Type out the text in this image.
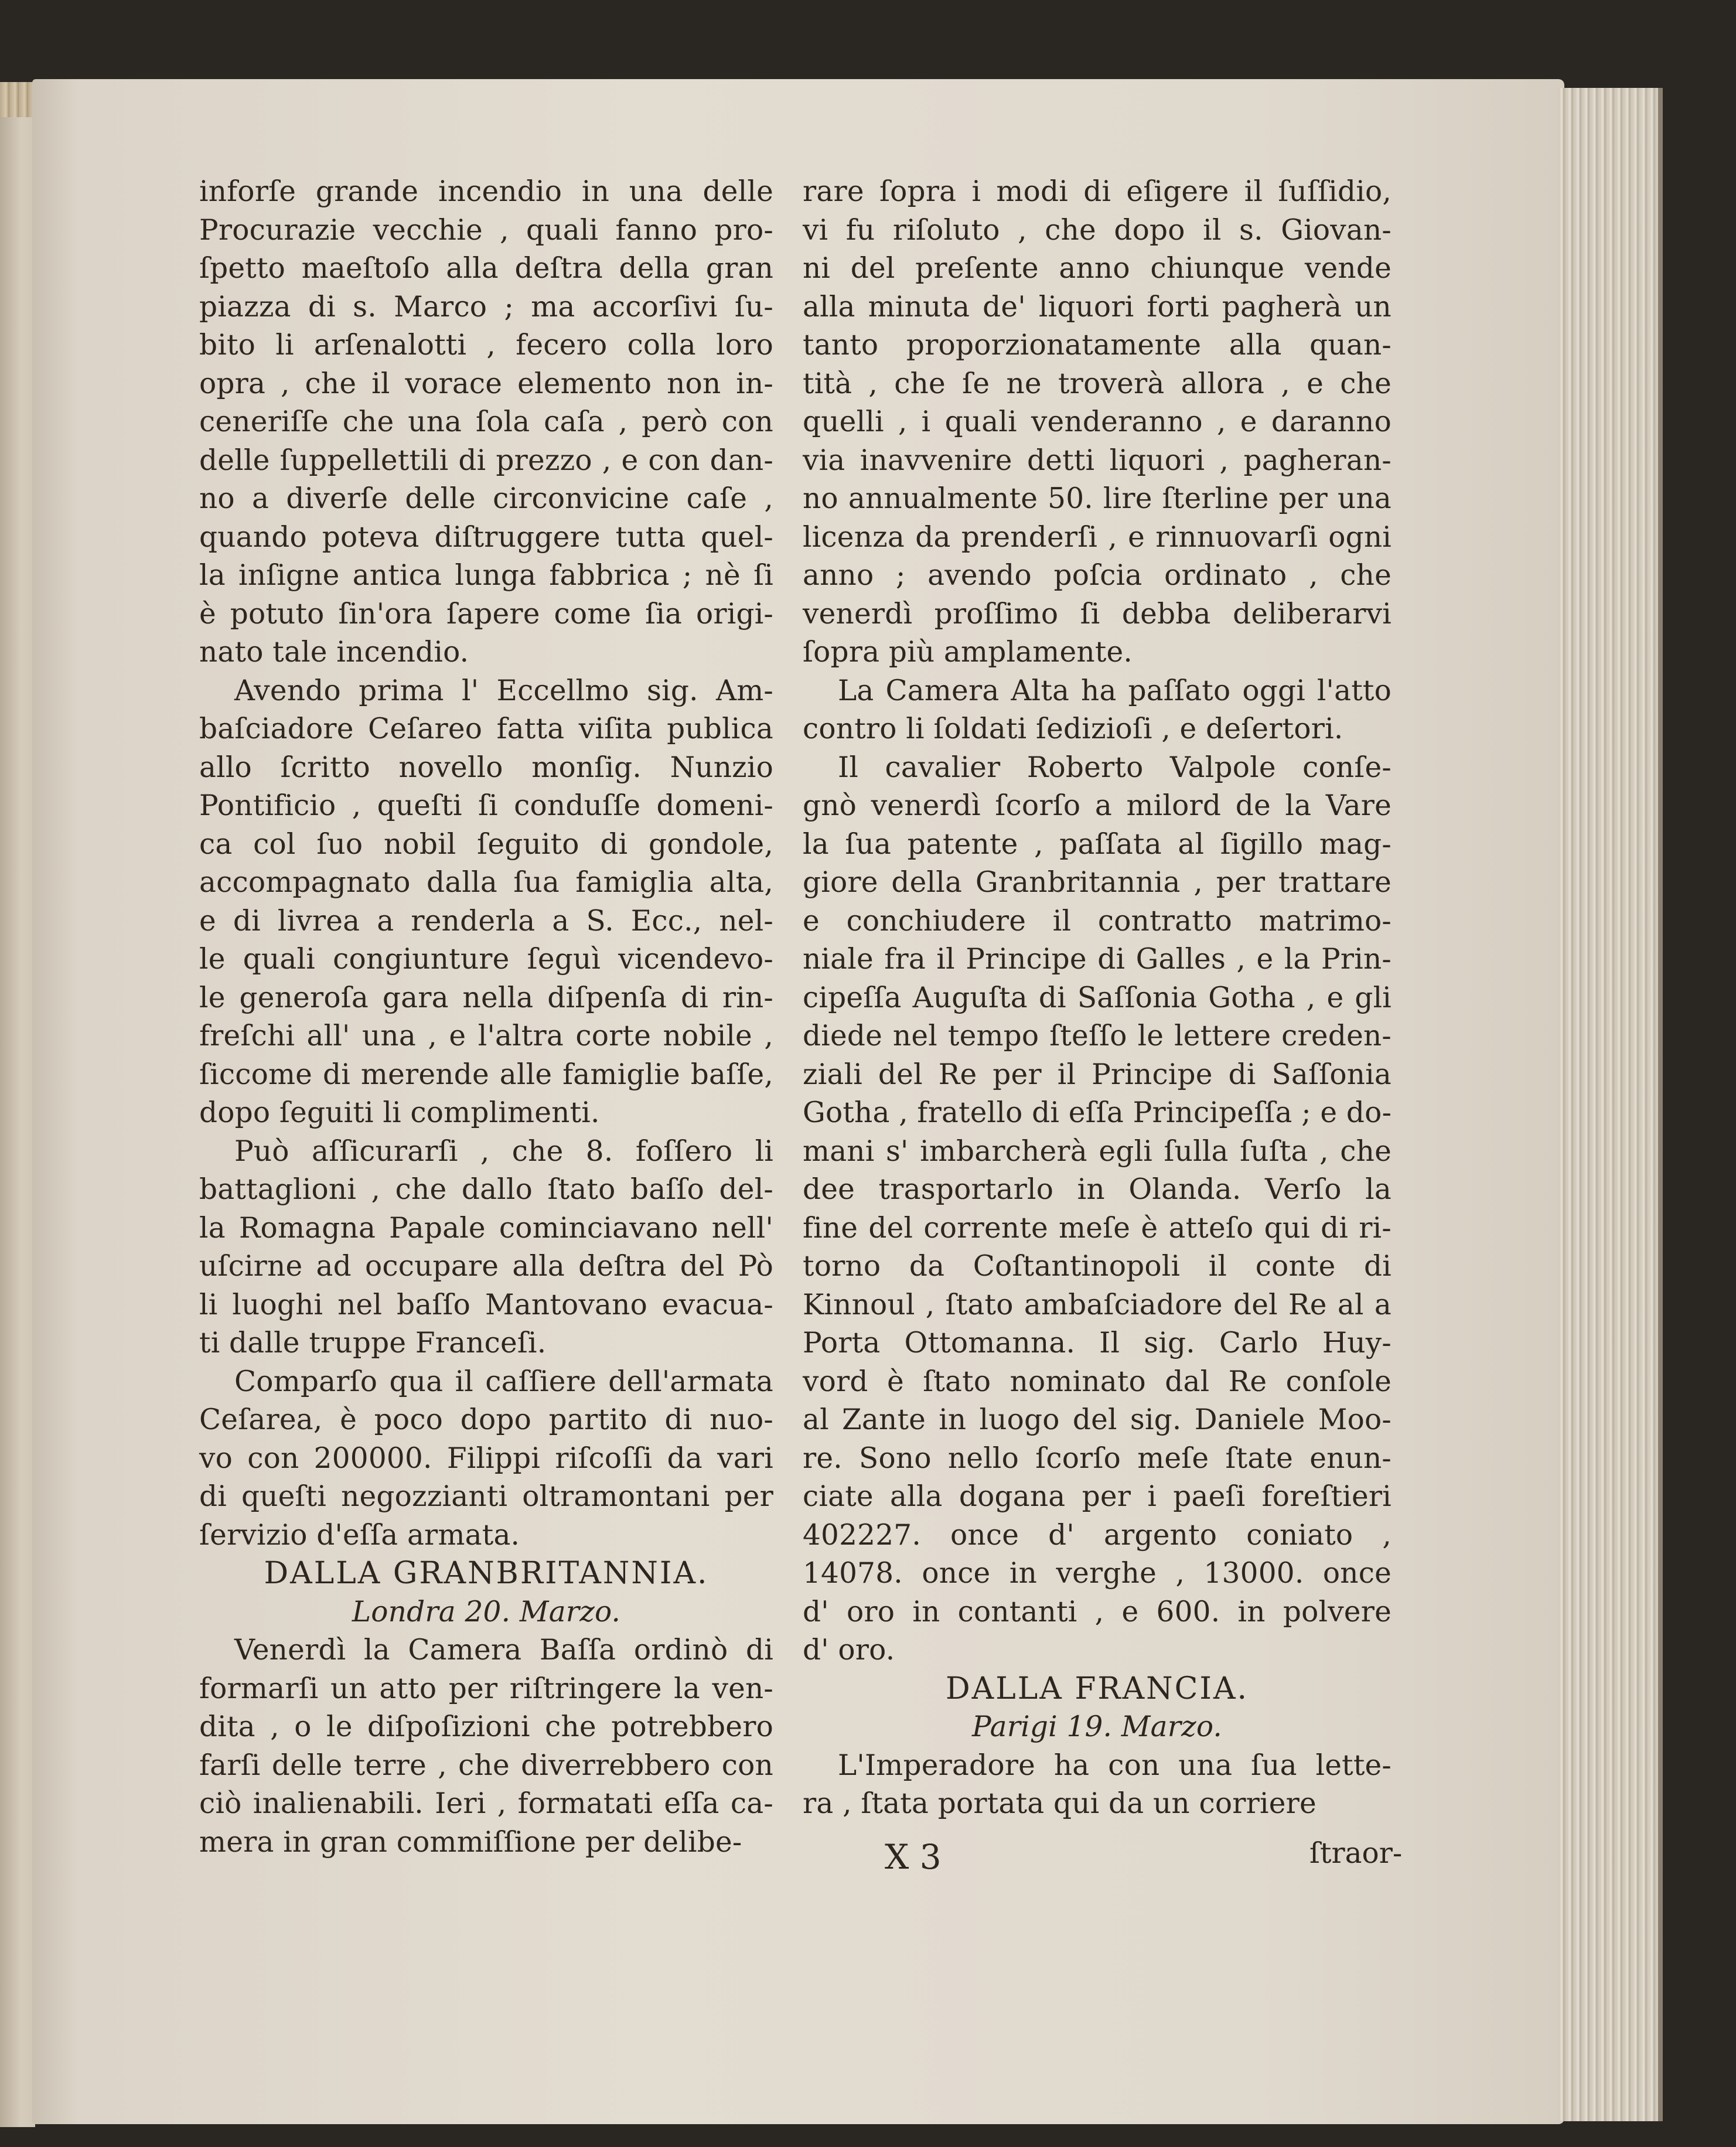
inforſe grande incendio in una delle
Procurazie vecchie , quali fanno pro-
ſpetto maeſtoſo alla deſtra della gran
piazza di s. Marco ; ma accorſivi ſu-
bito li arſenalotti , fecero colla loro
opra , che il vorace elemento non in-
ceneriſſe che una ſola caſa , però con
delle ſuppellettili di prezzo , e con dan-
no a diverſe delle circonvicine caſe ,
quando poteva diſtruggere tutta quel-
la inſigne antica lunga fabbrica ; nè ſi
è potuto ſin'ora ſapere come ſia origi-
nato tale incendio.
Avendo prima l' Eccellmo sig. Am-
baſciadore Ceſareo fatta viſita publica
allo ſcritto novello monſig. Nunzio
Pontificio , queſti ſi conduſſe domeni-
ca col ſuo nobil ſeguito di gondole,
accompagnato dalla ſua famiglia alta,
e di livrea a renderla a S. Ecc., nel-
le quali congiunture ſeguì vicendevo-
le generoſa gara nella diſpenſa di rin-
freſchi all' una , e l'altra corte nobile ,
ſiccome di merende alle famiglie baſſe,
dopo ſeguiti li complimenti.
Può aſſicurarſi , che 8. foſſero li
battaglioni , che dallo ſtato baſſo del-
la Romagna Papale cominciavano nell'
uſcirne ad occupare alla deſtra del Pò
li luoghi nel baſſo Mantovano evacua-
ti dalle truppe Franceſi.
Comparſo qua il caſſiere dell'armata
Ceſarea, è poco dopo partito di nuo-
vo con 200000. Filippi riſcoſſi da vari
di queſti negozzianti oltramontani per
ſervizio d'eſſa armata.
DALLA GRANBRITANNIA.
Londra 20. Marzo.
Venerdì la Camera Baſſa ordinò di
formarſi un atto per riſtringere la ven-
dita , o le diſpoſizioni che potrebbero
farſi delle terre , che diverrebbero con
ciò inalienabili. Ieri , formatati eſſa ca-
mera in gran commiſſione per delibe-
rare ſopra i modi di eſigere il ſuſſidio,
vi fu riſoluto , che dopo il s. Giovan-
ni del preſente anno chiunque vende
alla minuta de' liquori forti pagherà un
tanto proporzionatamente alla quan-
tità , che ſe ne troverà allora , e che
quelli , i quali venderanno , e daranno
via inavvenire detti liquori , pagheran-
no annualmente 50. lire ſterline per una
licenza da prenderſi , e rinnuovarſi ogni
anno ; avendo poſcia ordinato , che
venerdì proſſimo ſi debba deliberarvi
ſopra più amplamente.
La Camera Alta ha paſſato oggi l'atto
contro li ſoldati ſedizioſi , e deſertori.
Il cavalier Roberto Valpole conſe-
gnò venerdì ſcorſo a milord de la Vare
la ſua patente , paſſata al ſigillo mag-
giore della Granbritannia , per trattare
e conchiudere il contratto matrimo-
niale fra il Principe di Galles , e la Prin-
cipeſſa Auguſta di Saſſonia Gotha , e gli
diede nel tempo ſteſſo le lettere creden-
ziali del Re per il Principe di Saſſonia
Gotha , fratello di eſſa Principeſſa ; e do-
mani s' imbarcherà egli ſulla ſuſta , che
dee trasportarlo in Olanda. Verſo la
fine del corrente meſe è atteſo qui di ri-
torno da Coſtantinopoli il conte di
Kinnoul , ſtato ambaſciadore del Re al a
Porta Ottomanna. Il sig. Carlo Huy-
vord è ſtato nominato dal Re conſole
al Zante in luogo del sig. Daniele Moo-
re. Sono nello ſcorſo meſe ſtate enun-
ciate alla dogana per i paeſi foreſtieri
402227. once d' argento coniato ,
14078. once in verghe , 13000. once
d' oro in contanti , e 600. in polvere
d' oro.
DALLA FRANCIA.
Parigi 19. Marzo.
L'Imperadore ha con una ſua lette-
ra , ſtata portata qui da un corriere
X 3	ſtraor-
